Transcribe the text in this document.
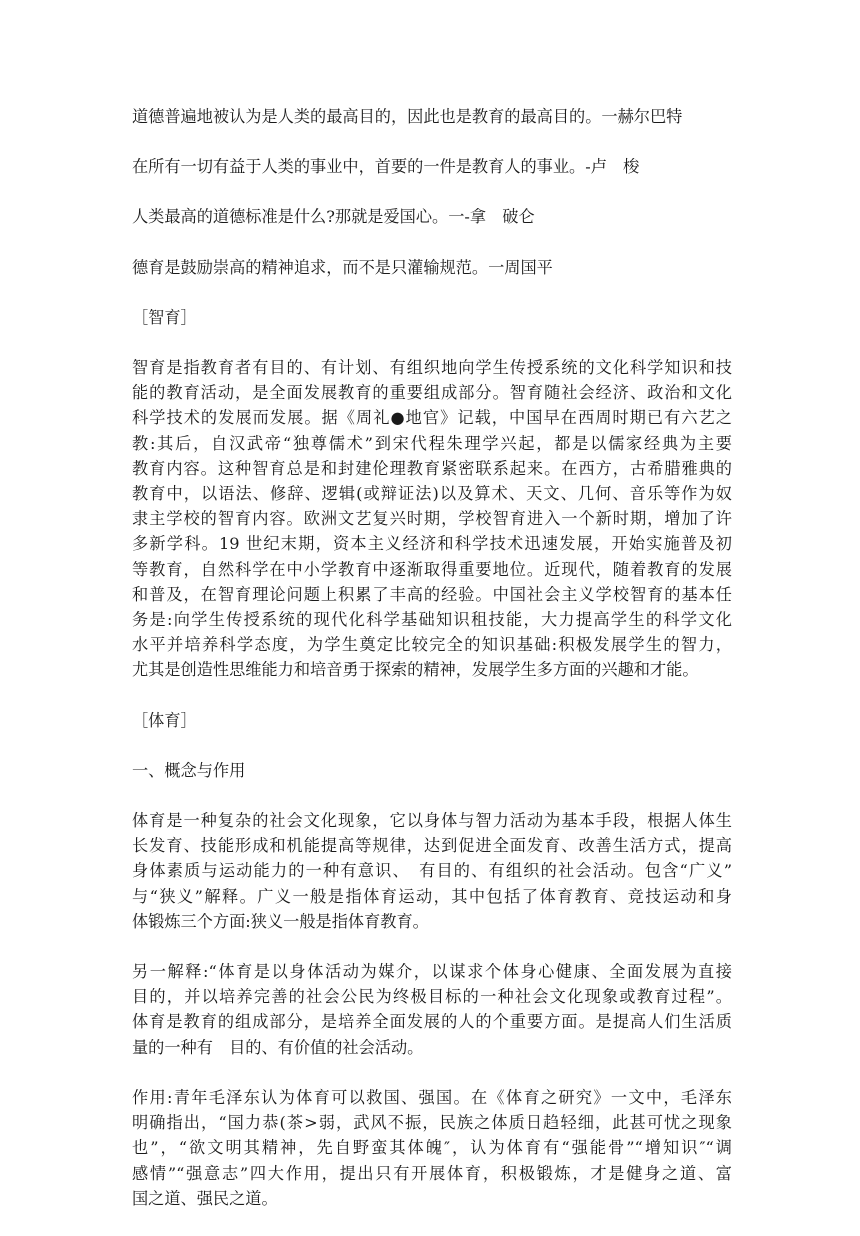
道德普遍地被认为是人类的最高目的，因此也是教育的最高目的。一赫尔巴特
在所有一切有益于人类的事业中，首要的一件是教育人的事业。-卢　梭
人类最高的道德标准是什么?那就是爱国心。一-拿　破仑
德育是鼓励崇高的精神追求，而不是只灌输规范。一周国平
［智育］
智育是指教育者有目的、有计划、有组织地向学生传授系统的文化科学知识和技
能的教育活动，是全面发展教育的重要组成部分。智育随社会经济、政治和文化
科学技术的发展而发展。据《周礼●地官》记载，中国早在西周时期已有六艺之
教:其后，自汉武帝“独尊儒术”到宋代程朱理学兴起，都是以儒家经典为主要
教育内容。这种智育总是和封建伦理教育紧密联系起来。在西方，古希腊雅典的
教育中，以语法、修辞、逻辑(或辩证法)以及算术、天文、几何、音乐等作为奴
隶主学校的智育内容。欧洲文艺复兴时期，学校智育进入一个新时期，增加了许
多新学科。19 世纪末期，资本主义经济和科学技术迅速发展，开始实施普及初
等教育，自然科学在中小学教育中逐渐取得重要地位。近现代，随着教育的发展
和普及，在智育理论问题上积累了丰高的经验。中国社会主义学校智育的基本任
务是:向学生传授系统的现代化科学基础知识租技能，大力提高学生的科学文化
水平并培养科学态度，为学生奠定比较完全的知识基础:积极发展学生的智力，
尤其是创造性思维能力和培音勇于探索的精神，发展学生多方面的兴趣和才能。
［体育］
一、概念与作用
体育是一种复杂的社会文化现象，它以身体与智力活动为基本手段，根据人体生
长发育、技能形成和机能提高等规律，达到促进全面发育、改善生活方式，提高
身体素质与运动能力的一种有意识、　有目的、有组织的社会活动。包含“广义”
与“狭义”解释。广义一般是指体育运动，其中包括了体育教育、竞技运动和身
体锻炼三个方面:狭义一般是指体育教育。
另一解释:“体育是以身体活动为媒介，以谋求个体身心健康、全面发展为直接
目的，并以培养完善的社会公民为终极目标的一种社会文化现象或教育过程”。
体育是教育的组成部分，是培养全面发展的人的个重要方面。是提高人们生活质
量的一种有　目的、有价值的社会活动。
作用:青年毛泽东认为体育可以救国、强国。在《体育之研究》一文中，毛泽东
明确指出，“国力恭(茶>弱，武风不振，民族之体质日趋轻细，此甚可忧之现象
也”，“欲文明其精神，先自野蛮其体魄″，认为体育有“强能骨”“增知识″“调
感情”“强意志”四大作用，提出只有开展体育，积极锻炼，才是健身之道、富
国之道、强民之道。
